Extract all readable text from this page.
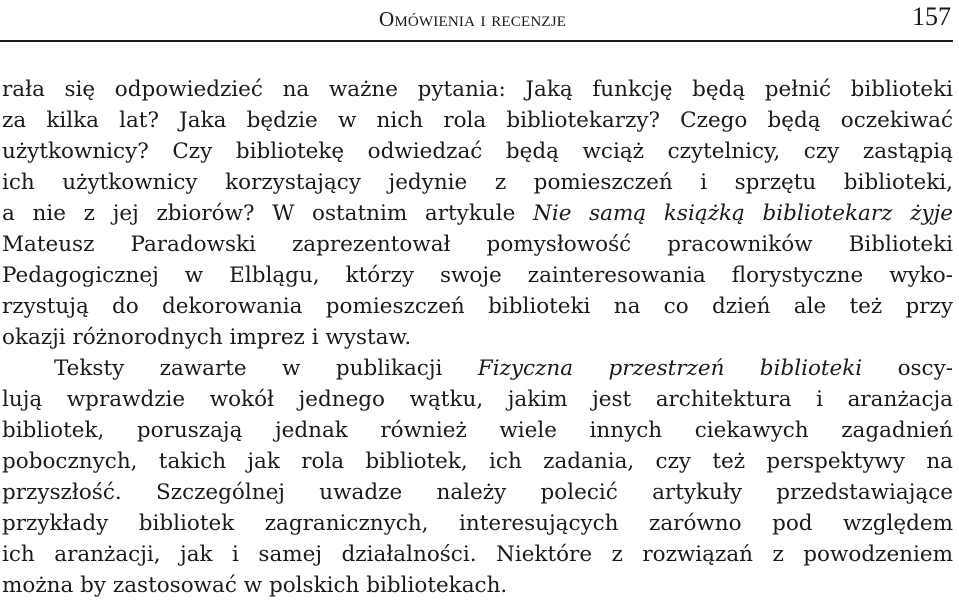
Omówienia i recenzje	157
rała się odpowiedzieć na ważne pytania: Jaką funkcję będą pełnić biblioteki
za kilka lat? Jaka będzie w nich rola bibliotekarzy? Czego będą oczekiwać
użytkownicy? Czy bibliotekę odwiedzać będą wciąż czytelnicy, czy zastąpią
ich użytkownicy korzystający jedynie z pomieszczeń i sprzętu biblioteki,
a nie z jej zbiorów? W ostatnim artykule Nie samą książką bibliotekarz żyje
Mateusz Paradowski zaprezentował pomysłowość pracowników Biblioteki
Pedagogicznej w Elblągu, którzy swoje zainteresowania florystyczne wyko-
rzystują do dekorowania pomieszczeń biblioteki na co dzień ale też przy
okazji różnorodnych imprez i wystaw.
Teksty zawarte w publikacji Fizyczna przestrzeń biblioteki oscy-
lują wprawdzie wokół jednego wątku, jakim jest architektura i aranżacja
bibliotek, poruszają jednak również wiele innych ciekawych zagadnień
pobocznych, takich jak rola bibliotek, ich zadania, czy też perspektywy na
przyszłość. Szczególnej uwadze należy polecić artykuły przedstawiające
przykłady bibliotek zagranicznych, interesujących zarówno pod względem
ich aranżacji, jak i samej działalności. Niektóre z rozwiązań z powodzeniem
można by zastosować w polskich bibliotekach.
